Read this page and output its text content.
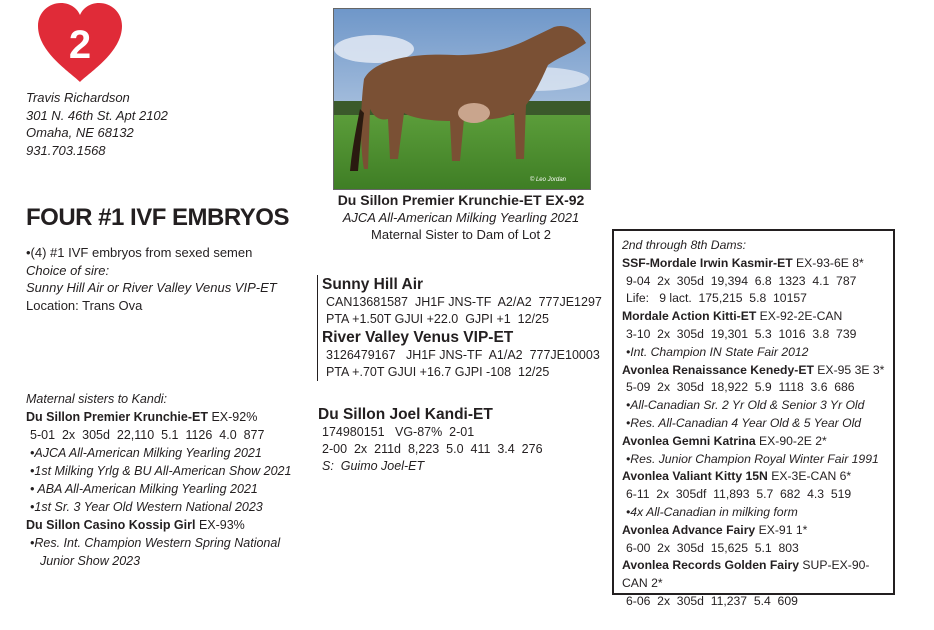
2
Travis Richardson
301 N. 46th St. Apt 2102
Omaha, NE 68132
931.703.1568
FOUR #1 IVF EMBRYOS
•(4) #1 IVF embryos from sexed semen
Choice of sire:
Sunny Hill Air or River Valley Venus VIP-ET
Location: Trans Ova
© Leo Jordan
Du Sillon Premier Krunchie-ET EX-92
AJCA All-American Milking Yearling 2021
Maternal Sister to Dam of Lot 2
Sunny Hill Air
CAN13681587  JH1F JNS-TF  A2/A2  777JE1297
PTA +1.50T GJUI +22.0  GJPI +1  12/25
River Valley Venus VIP-ET
3126479167   JH1F JNS-TF  A1/A2  777JE10003
PTA +.70T GJUI +16.7 GJPI -108  12/25
Du Sillon Joel Kandi-ET
174980151   VG-87%  2-01
2-00  2x  211d  8,223  5.0  411  3.4  276
S:  Guimo Joel-ET
Maternal sisters to Kandi:
Du Sillon Premier Krunchie-ET EX-92%
5-01  2x  305d  22,110  5.1  1126  4.0  877
•AJCA All-American Milking Yearling 2021
•1st Milking Yrlg & BU All-American Show 2021
• ABA All-American Milking Yearling 2021
•1st Sr. 3 Year Old Western National 2023
Du Sillon Casino Kossip Girl EX-93%
•Res. Int. Champion Western Spring National
Junior Show 2023
2nd through 8th Dams:
SSF-Mordale Irwin Kasmir-ET EX-93-6E 8*
9-04  2x  305d  19,394  6.8  1323  4.1  787
Life:   9 lact.  175,215  5.8  10157
Mordale Action Kitti-ET EX-92-2E-CAN
3-10  2x  305d  19,301  5.3  1016  3.8  739
•Int. Champion IN State Fair 2012
Avonlea Renaissance Kenedy-ET EX-95 3E 3*
5-09  2x  305d  18,922  5.9  1118  3.6  686
•All-Canadian Sr. 2 Yr Old & Senior 3 Yr Old
•Res. All-Canadian 4 Year Old & 5 Year Old
Avonlea Gemni Katrina EX-90-2E 2*
•Res. Junior Champion Royal Winter Fair 1991
Avonlea Valiant Kitty 15N EX-3E-CAN 6*
6-11  2x  305df  11,893  5.7  682  4.3  519
•4x All-Canadian in milking form
Avonlea Advance Fairy EX-91 1*
6-00  2x  305d  15,625  5.1  803
Avonlea Records Golden Fairy SUP-EX-90-CAN 2*
6-06  2x  305d  11,237  5.4  609
